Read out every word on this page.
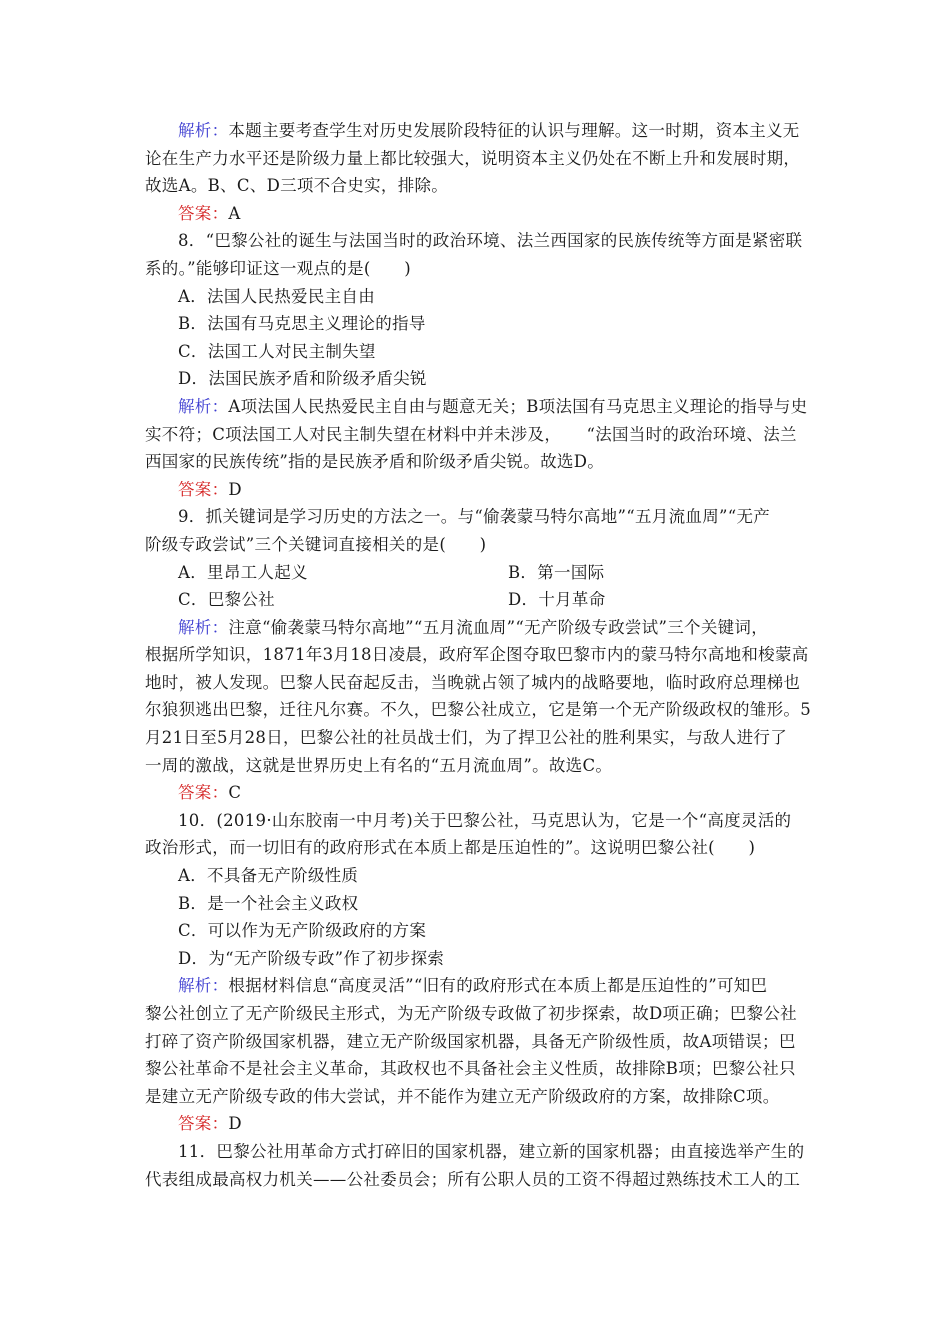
解析：本题主要考查学生对历史发展阶段特征的认识与理解。这一时期，资本主义无
论在生产力水平还是阶级力量上都比较强大，说明资本主义仍处在不断上升和发展时期，
故选A。B、C、D三项不合史实，排除。
答案：A
8．“巴黎公社的诞生与法国当时的政治环境、法兰西国家的民族传统等方面是紧密联
系的。”能够印证这一观点的是(　　)
A．法国人民热爱民主自由
B．法国有马克思主义理论的指导
C．法国工人对民主制失望
D．法国民族矛盾和阶级矛盾尖锐
解析：A项法国人民热爱民主自由与题意无关；B项法国有马克思主义理论的指导与史
实不符；C项法国工人对民主制失望在材料中并未涉及，　　“法国当时的政治环境、法兰
西国家的民族传统”指的是民族矛盾和阶级矛盾尖锐。故选D。
答案：D
9．抓关键词是学习历史的方法之一。与“偷袭蒙马特尔高地”“五月流血周”“无产
阶级专政尝试”三个关键词直接相关的是(　　)
A．里昂工人起义	B．第一国际
C．巴黎公社	D．十月革命
解析：注意“偷袭蒙马特尔高地”“五月流血周”“无产阶级专政尝试”三个关键词，
根据所学知识，1871年3月18日凌晨，政府军企图夺取巴黎市内的蒙马特尔高地和梭蒙高
地时，被人发现。巴黎人民奋起反击，当晚就占领了城内的战略要地，临时政府总理梯也
尔狼狈逃出巴黎，迁往凡尔赛。不久，巴黎公社成立，它是第一个无产阶级政权的雏形。5
月21日至5月28日，巴黎公社的社员战士们，为了捍卫公社的胜利果实，与敌人进行了
一周的激战，这就是世界历史上有名的“五月流血周”。故选C。
答案：C
10．(2019·山东胶南一中月考)关于巴黎公社，马克思认为，它是一个“高度灵活的
政治形式，而一切旧有的政府形式在本质上都是压迫性的”。这说明巴黎公社(　　)
A．不具备无产阶级性质
B．是一个社会主义政权
C．可以作为无产阶级政府的方案
D．为“无产阶级专政”作了初步探索
解析：根据材料信息“高度灵活”“旧有的政府形式在本质上都是压迫性的”可知巴
黎公社创立了无产阶级民主形式，为无产阶级专政做了初步探索，故D项正确；巴黎公社
打碎了资产阶级国家机器，建立无产阶级国家机器，具备无产阶级性质，故A项错误；巴
黎公社革命不是社会主义革命，其政权也不具备社会主义性质，故排除B项；巴黎公社只
是建立无产阶级专政的伟大尝试，并不能作为建立无产阶级政府的方案，故排除C项。
答案：D
11．巴黎公社用革命方式打碎旧的国家机器，建立新的国家机器；由直接选举产生的
代表组成最高权力机关——公社委员会；所有公职人员的工资不得超过熟练技术工人的工
